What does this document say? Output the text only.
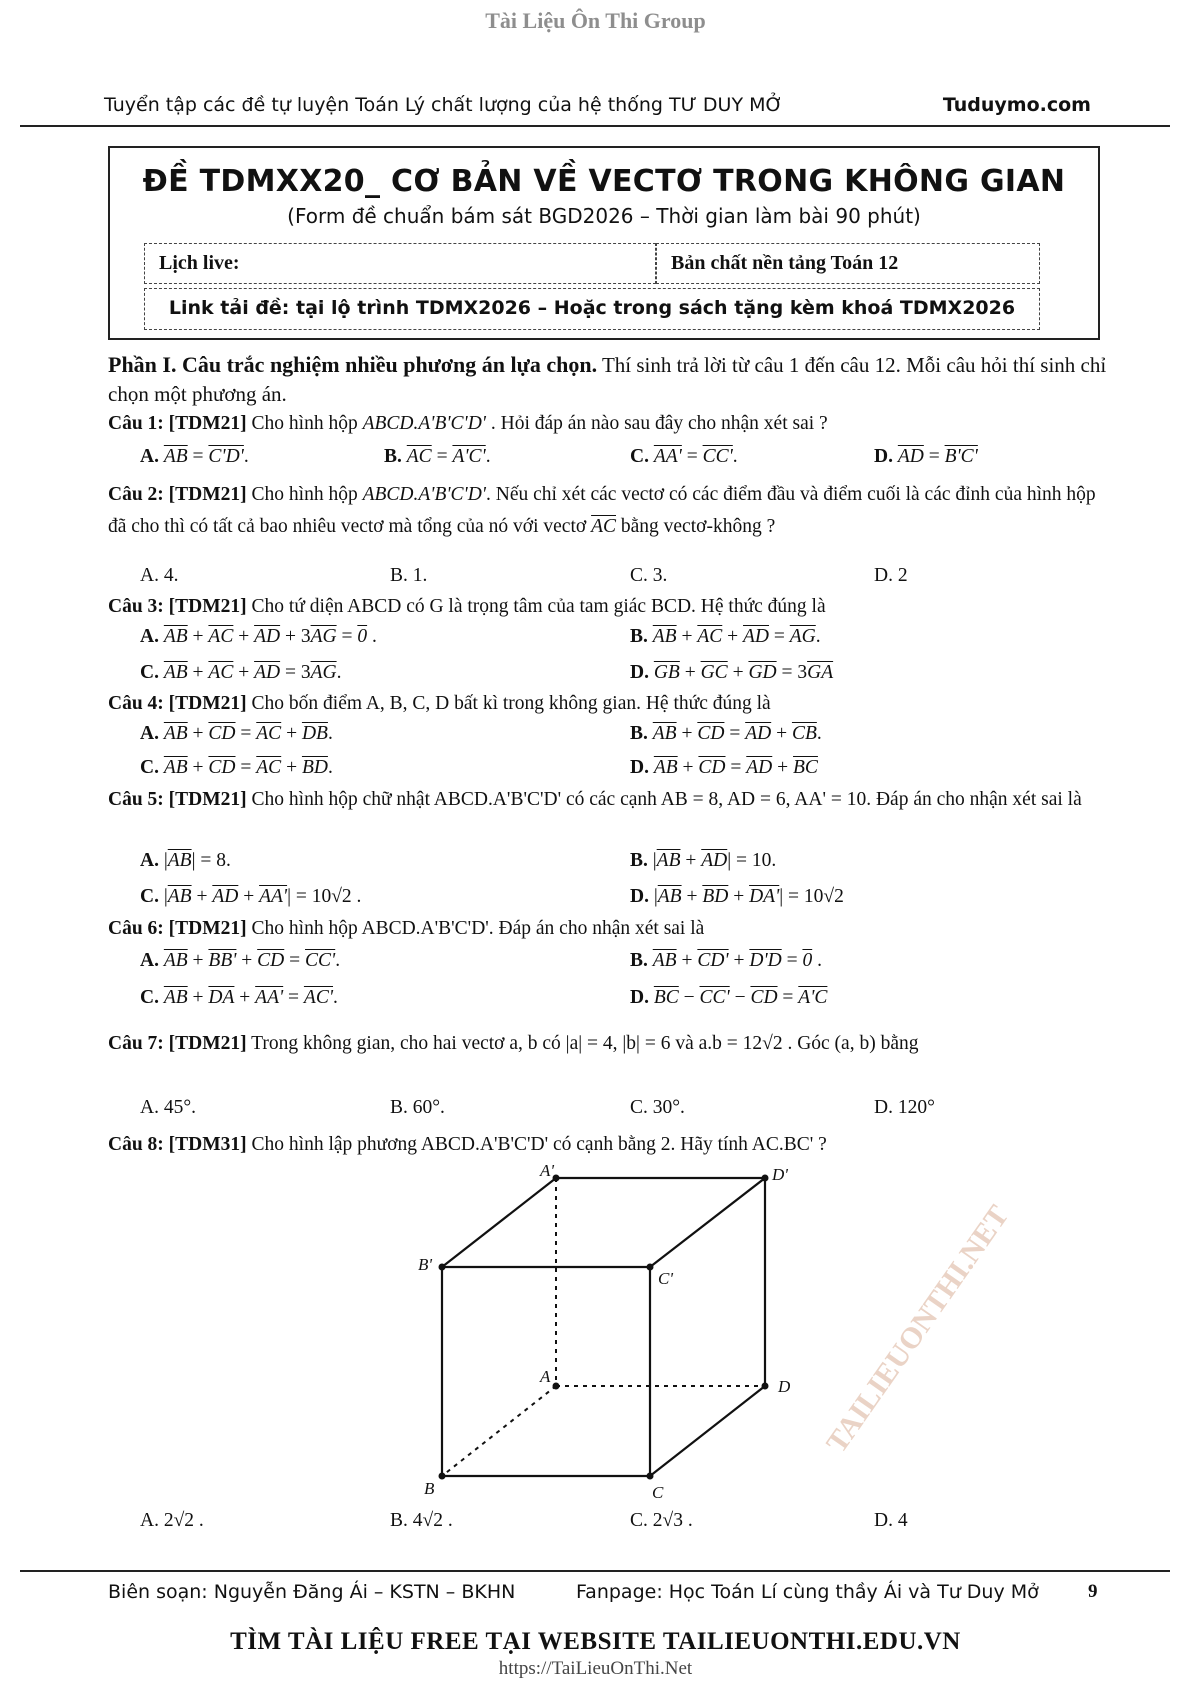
Tài Liệu Ôn Thi Group
Tuyển tập các đề tự luyện Toán Lý chất lượng của hệ thống TƯ DUY MỞ	Tuduymo.com
ĐỀ TDMXX20_ CƠ BẢN VỀ VECTƠ TRONG KHÔNG GIAN
(Form đề chuẩn bám sát BGD2026 – Thời gian làm bài 90 phút)
Lịch live:	Bản chất nền tảng Toán 12
Link tải đề: tại lộ trình TDMX2026 – Hoặc trong sách tặng kèm khoá TDMX2026
Phần I. Câu trắc nghiệm nhiều phương án lựa chọn. Thí sinh trả lời từ câu 1 đến câu 12. Mỗi câu hỏi thí sinh chỉ chọn một phương án.
Câu 1: [TDM21] Cho hình hộp ABCD.A'B'C'D' . Hỏi đáp án nào sau đây cho nhận xét sai ?
A. $\overline{AB} = C'D'$.	B. $\overline{AC} = A'C'$.	C. AA' = CC'.	D. $\overline{AD} = B'C'$
Câu 2: [TDM21] Cho hình hộp ABCD.A'B'C'D'. Nếu chỉ xét các vectơ có các điểm đầu và điểm cuối là các đỉnh của hình hộp đã cho thì có tất cả bao nhiêu vectơ mà tổng của nó với vectơ $\overline{AC}$ bằng vectơ-không ?
A. 4.	B. 1.	C. 3.	D. 2
Câu 3: [TDM21] Cho tứ diện ABCD có G là trọng tâm của tam giác BCD. Hệ thức đúng là
A. $\overline{AB} + \overline{AC} + \overline{AD} + 3\overline{AG} = 0$ .	B. $\overline{AB} + \overline{AC} + \overline{AD} = \overline{AG}$.
C. $\overline{AB} + \overline{AC} + \overline{AD} = 3\overline{AG}$.	D. $\overline{GB} + \overline{GC} + \overline{GD} = 3\overline{GA}$
Câu 4: [TDM21] Cho bốn điểm A, B, C, D bất kì trong không gian. Hệ thức đúng là
A. $\overline{AB} + \overline{CD} = \overline{AC} + \overline{DB}$.	B. $\overline{AB} + \overline{CD} = \overline{AD} + \overline{CB}$.
C. $\overline{AB} + \overline{CD} = \overline{AC} + \overline{BD}$.	D. $\overline{AB} + \overline{CD} = \overline{AD} + \overline{BC}$
Câu 5: [TDM21] Cho hình hộp chữ nhật ABCD.A'B'C'D' có các cạnh AB = 8, AD = 6, AA' = 10. Đáp án cho nhận xét sai là
A. $|\overline{AB}| = 8$.	B. $|\overline{AB} + \overline{AD}| = 10$.
C. $|\overline{AB} + \overline{AD} + AA'| = 10√2$ .	D. $|\overline{AB} + \overline{BD} + DA'| = 10√2$
Câu 6: [TDM21] Cho hình hộp ABCD.A'B'C'D'. Đáp án cho nhận xét sai là
A. $\overline{AB} + BB' + \overline{CD} = CC'$.	B. $\overline{AB} + CD' + D'D = 0$ .
C. $\overline{AB} + \overline{DA} + AA' = AC'$.	D. $\overline{BC} - CC' - \overline{CD} = A'C$
Câu 7: [TDM21] Trong không gian, cho hai vectơ a, b có |a| = 4, |b| = 6 và a.b = 12√2 . Góc (a, b) bằng
A. 45°.	B. 60°.	C. 30°.	D. 120°
Câu 8: [TDM31] Cho hình lập phương ABCD.A'B'C'D' có cạnh bằng 2. Hãy tính AC.BC' ?
A'	D'
B'
C'
A
D
B	C
A. 2√2 .	B. 4√2 .	C. 2√3 .	D. 4
TAILIEUONTHI.NET
Biên soạn: Nguyễn Đăng Ái – KSTN – BKHN	Fanpage: Học Toán Lí cùng thầy Ái và Tư Duy Mở	9
TÌM TÀI LIỆU FREE TẠI WEBSITE TAILIEUONTHI.EDU.VN
https://TaiLieuOnThi.Net
